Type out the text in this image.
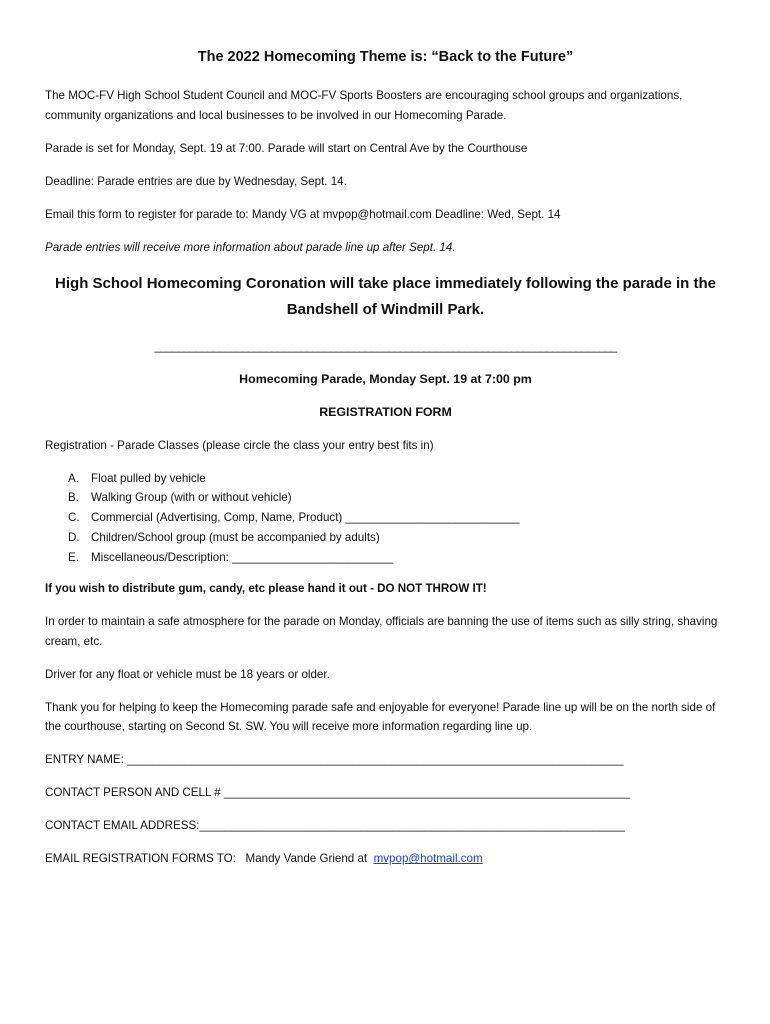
The 2022 Homecoming Theme is: “Back to the Future”

The MOC-FV High School Student Council and MOC-FV Sports Boosters are encouraging school groups and organizations, community organizations and local businesses to be involved in our Homecoming Parade.

Parade is set for Monday, Sept. 19 at 7:00. Parade will start on Central Ave by the Courthouse

Deadline: Parade entries are due by Wednesday, Sept. 14.

Email this form to register for parade to: Mandy VG at mvpop@hotmail.com Deadline: Wed, Sept. 14

Parade entries will receive more information about parade line up after Sept. 14.

High School Homecoming Coronation will take place immediately following the parade in the Bandshell of Windmill Park.
_______________________________________________________________________________
Homecoming Parade, Monday Sept. 19 at 7:00 pm
REGISTRATION FORM

Registration - Parade Classes (please circle the class your entry best fits in)

A.	Float pulled by vehicle
B.	Walking Group (with or without vehicle)
C. Commercial (Advertising, Comp, Name, Product) ___________________________
D. Children/School group (must be accompanied by adults)
E.	Miscellaneous/Description: _________________________

If you wish to distribute gum, candy, etc please hand it out - DO NOT THROW IT!

In order to maintain a safe atmosphere for the parade on Monday, officials are banning the use of items such as silly string, shaving cream, etc.

Driver for any float or vehicle must be 18 years or older.

Thank you for helping to keep the Homecoming parade safe and enjoyable for everyone! Parade line up will be on the north side of the courthouse, starting on Second St. SW. You will receive more information regarding line up.

ENTRY NAME: _____________________________________________________________________________
CONTACT PERSON AND CELL # _______________________________________________________________
CONTACT EMAIL ADDRESS:__________________________________________________________________

EMAIL REGISTRATION FORMS TO:   Mandy Vande Griend at  mvpop@hotmail.com
